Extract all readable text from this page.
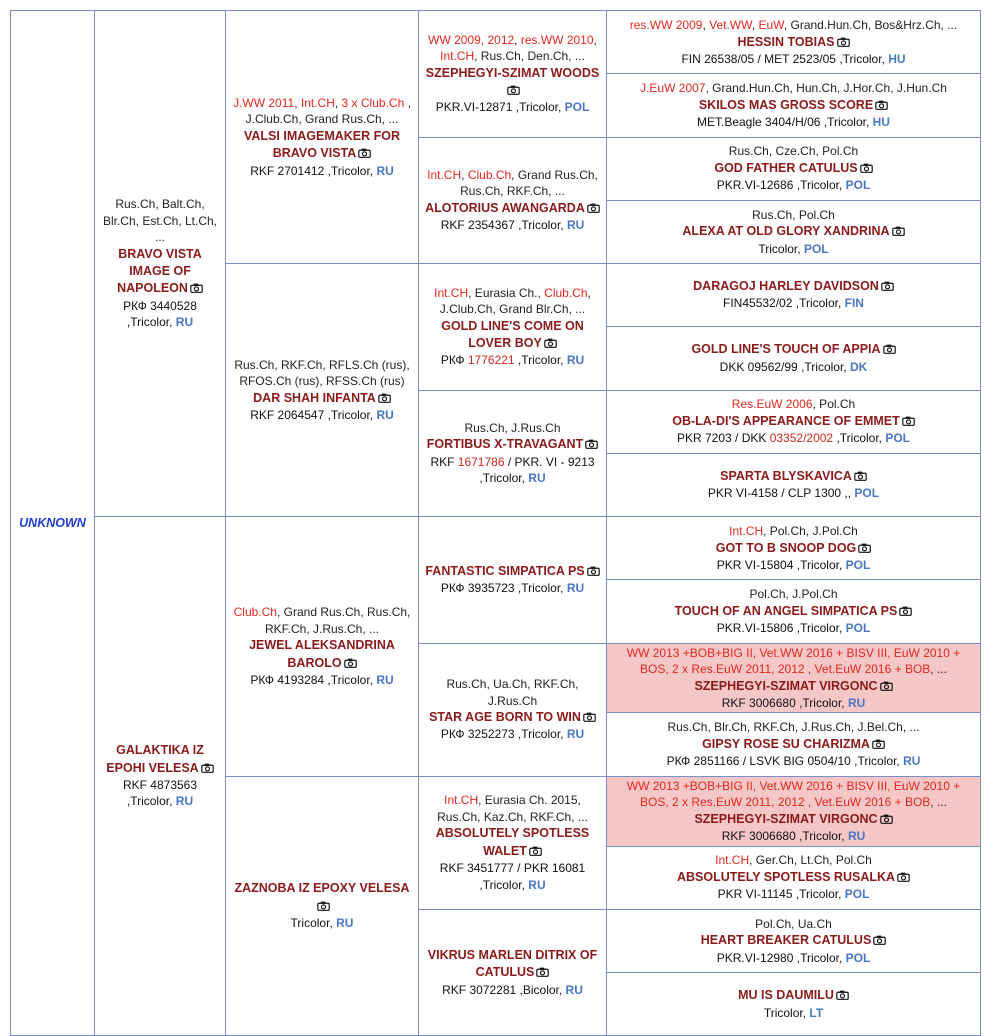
UNKNOWN	Rus.Ch, Balt.Ch, Blr.Ch, Est.Ch, Lt.Ch, ...
BRAVO VISTA IMAGE OF NAPOLEON
РКФ 3440528 ,Tricolor, RU	J.WW 2011, Int.CH, 3 x Club.Ch , J.Club.Ch, Grand Rus.Ch, ...
VALSI IMAGEMAKER FOR BRAVO VISTA
RKF 2701412 ,Tricolor, RU	WW 2009, 2012, res.WW 2010, Int.CH, Rus.Ch, Den.Ch, ...
SZEPHEGYI-SZIMAT WOODS
PKR.VI-12871 ,Tricolor, POL	res.WW 2009, Vet.WW, EuW, Grand.Hun.Ch, Bos&Hrz.Ch, ...
HESSIN TOBIAS
FIN 26538/05 / MET 2523/05 ,Tricolor, HU

				J.EuW 2007, Grand.Hun.Ch, Hun.Ch, J.Hor.Ch, J.Hun.Ch
SKILOS MAS GROSS SCORE
MET.Beagle 3404/H/06 ,Tricolor, HU

			Int.CH, Club.Ch, Grand Rus.Ch, Rus.Ch, RKF.Ch, ...
ALOTORIUS AWANGARDA
RKF 2354367 ,Tricolor, RU	Rus.Ch, Cze.Ch, Pol.Ch
GOD FATHER CATULUS
PKR.VI-12686 ,Tricolor, POL

				Rus.Ch, Pol.Ch
ALEXA AT OLD GLORY XANDRINA
Tricolor, POL

		Rus.Ch, RKF.Ch, RFLS.Ch (rus), RFOS.Ch (rus), RFSS.Ch (rus)
DAR SHAH INFANTA
RKF 2064547 ,Tricolor, RU	Int.CH, Eurasia Ch., Club.Ch, J.Club.Ch, Grand Blr.Ch, ...
GOLD LINE'S COME ON LOVER BOY
РКФ 1776221 ,Tricolor, RU	DARAGOJ HARLEY DAVIDSON
FIN45532/02 ,Tricolor, FIN

				GOLD LINE'S TOUCH OF APPIA
DKK 09562/99 ,Tricolor, DK

			Rus.Ch, J.Rus.Ch
FORTIBUS X-TRAVAGANT
RKF 1671786 / PKR. VI - 9213 ,Tricolor, RU	Res.EuW 2006, Pol.Ch
OB-LA-DI'S APPEARANCE OF EMMET
PKR 7203 / DKK 03352/2002 ,Tricolor, POL

				SPARTA BLYSKAVICA
PKR VI-4158 / CLP 1300 ,, POL

	GALAKTIKA IZ EPOHI VELESA
RKF 4873563 ,Tricolor, RU	Club.Ch, Grand Rus.Ch, Rus.Ch, RKF.Ch, J.Rus.Ch, ...
JEWEL ALEKSANDRINA BAROLO
РКФ 4193284 ,Tricolor, RU	FANTASTIC SIMPATICA PS
РКФ 3935723 ,Tricolor, RU	Int.CH, Pol.Ch, J.Pol.Ch
GOT TO B SNOOP DOG
PKR VI-15804 ,Tricolor, POL

				Pol.Ch, J.Pol.Ch
TOUCH OF AN ANGEL SIMPATICA PS
PKR.VI-15806 ,Tricolor, POL

			Rus.Ch, Ua.Ch, RKF.Ch, J.Rus.Ch
STAR AGE BORN TO WIN
РКФ 3252273 ,Tricolor, RU	WW 2013 +BOB+BIG II, Vet.WW 2016 + BISV III, EuW 2010 + BOS, 2 x Res.EuW 2011, 2012 , Vet.EuW 2016 + BOB, ...
SZEPHEGYI-SZIMAT VIRGONC
RKF 3006680 ,Tricolor, RU

				Rus.Ch, Blr.Ch, RKF.Ch, J.Rus.Ch, J.Bel.Ch, ...
GIPSY ROSE SU CHARIZMA
РКФ 2851166 / LSVK BIG 0504/10 ,Tricolor, RU

		ZAZNOBA IZ EPOXY VELESA
Tricolor, RU	Int.CH, Eurasia Ch. 2015, Rus.Ch, Kaz.Ch, RKF.Ch, ...
ABSOLUTELY SPOTLESS WALET
RKF 3451777 / PKR 16081 ,Tricolor, RU	WW 2013 +BOB+BIG II, Vet.WW 2016 + BISV III, EuW 2010 + BOS, 2 x Res.EuW 2011, 2012 , Vet.EuW 2016 + BOB, ...
SZEPHEGYI-SZIMAT VIRGONC
RKF 3006680 ,Tricolor, RU

				Int.CH, Ger.Ch, Lt.Ch, Pol.Ch
ABSOLUTELY SPOTLESS RUSALKA
PKR VI-11145 ,Tricolor, POL

			VIKRUS MARLEN DITRIX OF CATULUS
RKF 3072281 ,Bicolor, RU	Pol.Ch, Ua.Ch
HEART BREAKER CATULUS
PKR.VI-12980 ,Tricolor, POL

				MU IS DAUMILU
Tricolor, LT
